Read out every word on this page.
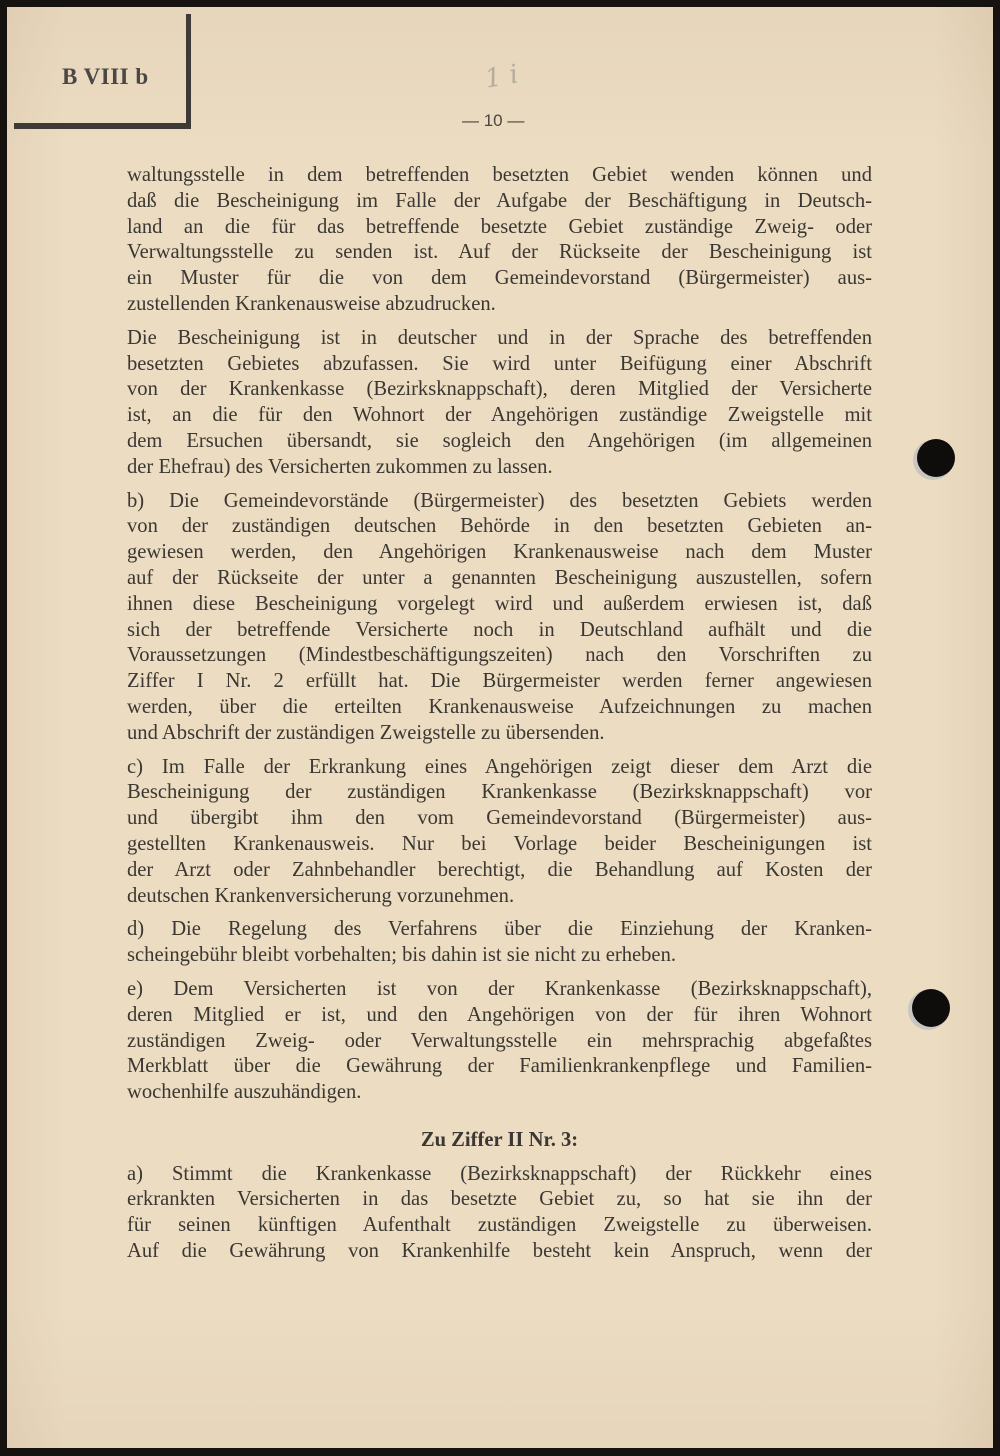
B VIII b	1 i
— 10 —

waltungsstelle in dem betreffenden besetzten Gebiet wenden können und
daß die Bescheinigung im Falle der Aufgabe der Beschäftigung in Deutsch-
land an die für das betreffende besetzte Gebiet zuständige Zweig- oder
Verwaltungsstelle zu senden ist. Auf der Rückseite der Bescheinigung ist
ein Muster für die von dem Gemeindevorstand (Bürgermeister) aus-
zustellenden Krankenausweise abzudrucken.

Die Bescheinigung ist in deutscher und in der Sprache des betreffenden
besetzten Gebietes abzufassen. Sie wird unter Beifügung einer Abschrift
von der Krankenkasse (Bezirksknappschaft), deren Mitglied der Versicherte
ist, an die für den Wohnort der Angehörigen zuständige Zweigstelle mit
dem Ersuchen übersandt, sie sogleich den Angehörigen (im allgemeinen
der Ehefrau) des Versicherten zukommen zu lassen.

b) Die Gemeindevorstände (Bürgermeister) des besetzten Gebiets werden
von der zuständigen deutschen Behörde in den besetzten Gebieten an-
gewiesen werden, den Angehörigen Krankenausweise nach dem Muster
auf der Rückseite der unter a genannten Bescheinigung auszustellen, sofern
ihnen diese Bescheinigung vorgelegt wird und außerdem erwiesen ist, daß
sich der betreffende Versicherte noch in Deutschland aufhält und die
Voraussetzungen (Mindestbeschäftigungszeiten) nach den Vorschriften zu
Ziffer I Nr. 2 erfüllt hat. Die Bürgermeister werden ferner angewiesen
werden, über die erteilten Krankenausweise Aufzeichnungen zu machen
und Abschrift der zuständigen Zweigstelle zu übersenden.

c) Im Falle der Erkrankung eines Angehörigen zeigt dieser dem Arzt die
Bescheinigung der zuständigen Krankenkasse (Bezirksknappschaft) vor
und übergibt ihm den vom Gemeindevorstand (Bürgermeister) aus-
gestellten Krankenausweis. Nur bei Vorlage beider Bescheinigungen ist
der Arzt oder Zahnbehandler berechtigt, die Behandlung auf Kosten der
deutschen Krankenversicherung vorzunehmen.

d) Die Regelung des Verfahrens über die Einziehung der Kranken-
scheingebühr bleibt vorbehalten; bis dahin ist sie nicht zu erheben.

e) Dem Versicherten ist von der Krankenkasse (Bezirksknappschaft),
deren Mitglied er ist, und den Angehörigen von der für ihren Wohnort
zuständigen Zweig- oder Verwaltungsstelle ein mehrsprachig abgefaßtes
Merkblatt über die Gewährung der Familienkrankenpflege und Familien-
wochenhilfe auszuhändigen.

Zu Ziffer II Nr. 3:

a) Stimmt die Krankenkasse (Bezirksknappschaft) der Rückkehr eines
erkrankten Versicherten in das besetzte Gebiet zu, so hat sie ihn der
für seinen künftigen Aufenthalt zuständigen Zweigstelle zu überweisen.
Auf die Gewährung von Krankenhilfe besteht kein Anspruch, wenn der
